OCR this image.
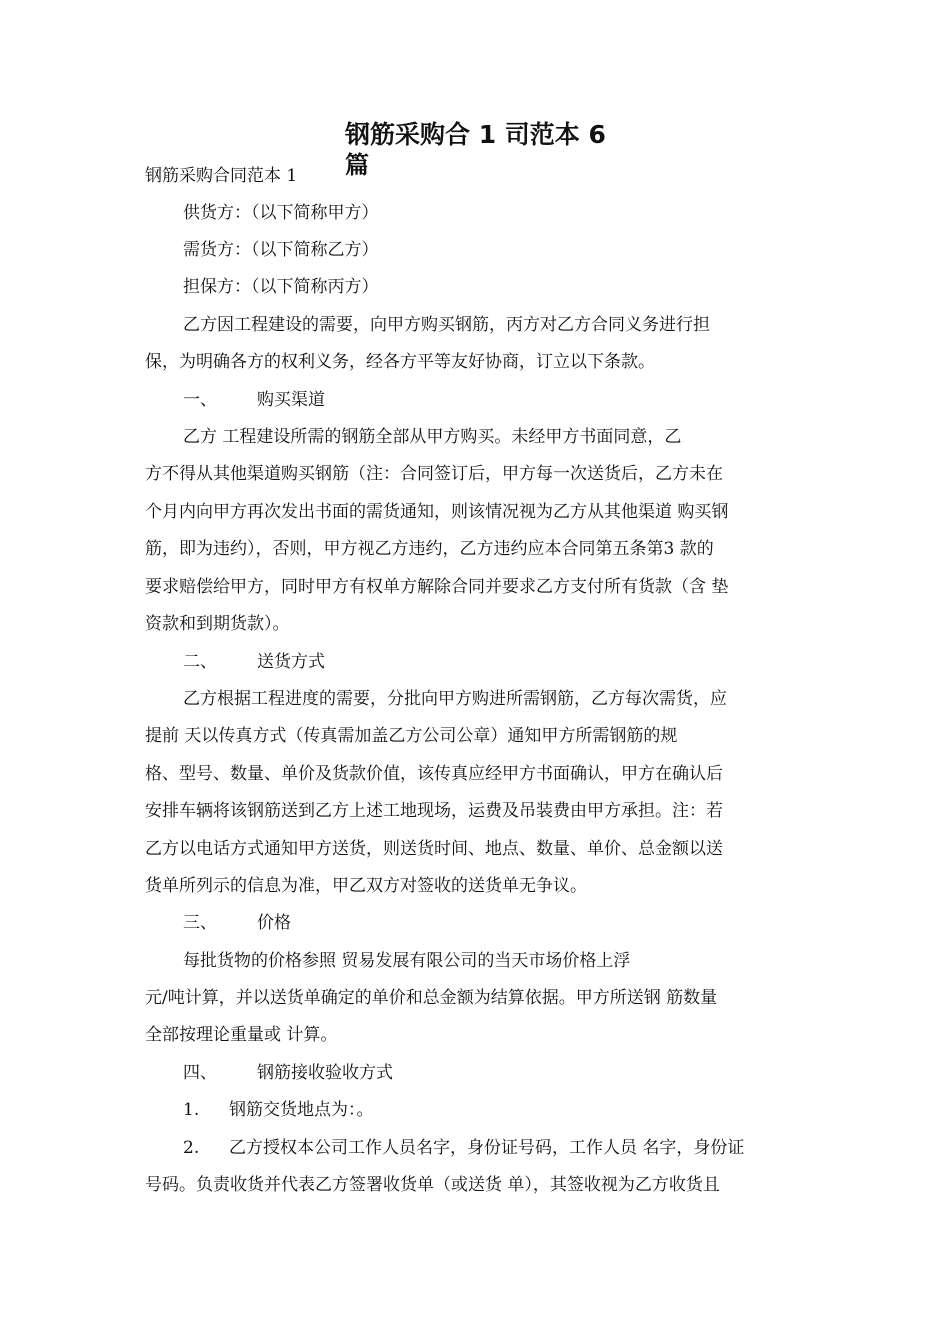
钢筋采购合 1 司范本 6
篇
钢筋采购合同范本 1
供货方：（以下简称甲方）
需货方：（以下简称乙方）
担保方：（以下简称丙方）
乙方因工程建设的需要，向甲方购买钢筋，丙方对乙方合同义务进行担
保，为明确各方的权利义务，经各方平等友好协商，订立以下条款。
一、 购买渠道
乙方 工程建设所需的钢筋全部从甲方购买。未经甲方书面同意，乙
方不得从其他渠道购买钢筋（注：合同签订后，甲方每一次送货后，乙方未在
个月内向甲方再次发出书面的需货通知，则该情况视为乙方从其他渠道 购买钢
筋，即为违约），否则，甲方视乙方违约，乙方违约应本合同第五条第3 款的
要求赔偿给甲方，同时甲方有权单方解除合同并要求乙方支付所有货款（含 垫
资款和到期货款）。
二、 送货方式
乙方根据工程进度的需要，分批向甲方购进所需钢筋，乙方每次需货，应
提前 天以传真方式（传真需加盖乙方公司公章）通知甲方所需钢筋的规
格、型号、数量、单价及货款价值，该传真应经甲方书面确认，甲方在确认后
安排车辆将该钢筋送到乙方上述工地现场，运费及吊装费由甲方承担。注：若
乙方以电话方式通知甲方送货，则送货时间、地点、数量、单价、总金额以送
货单所列示的信息为准，甲乙双方对签收的送货单无争议。
三、 价格
每批货物的价格参照 贸易发展有限公司的当天市场价格上浮
元/吨计算，并以送货单确定的单价和总金额为结算依据。甲方所送钢 筋数量
全部按理论重量或 计算。
四、 钢筋接收验收方式
1. 钢筋交货地点为：。
2. 乙方授权本公司工作人员名字，身份证号码，工作人员 名字，身份证
号码。负责收货并代表乙方签署收货单（或送货 单），其签收视为乙方收货且
